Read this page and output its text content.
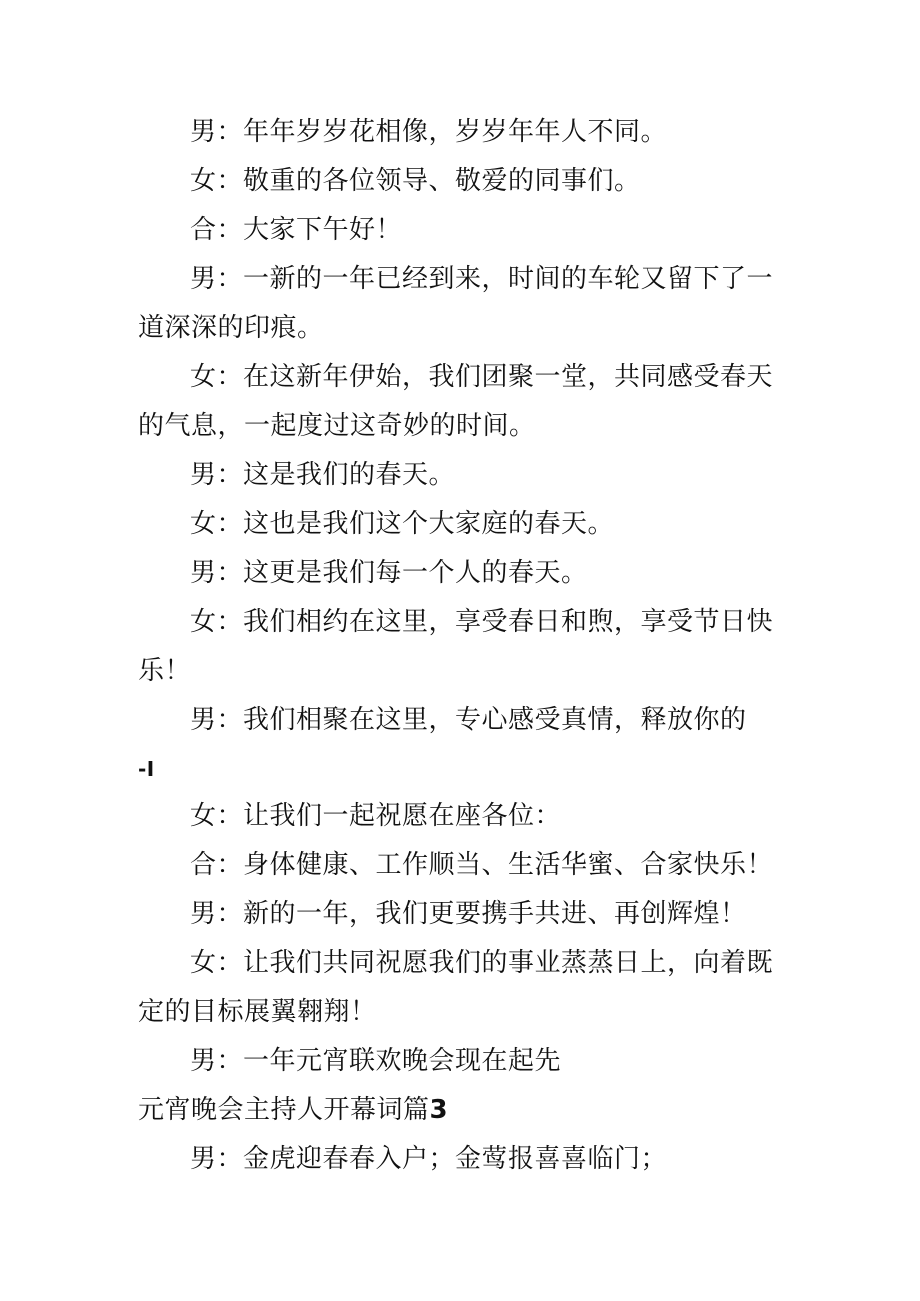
男：年年岁岁花相像，岁岁年年人不同。
女：敬重的各位领导、敬爱的同事们。
合：大家下午好！
男：一新的一年已经到来，时间的车轮又留下了一
道深深的印痕。
女：在这新年伊始，我们团聚一堂，共同感受春天
的气息，一起度过这奇妙的时间。
男：这是我们的春天。
女：这也是我们这个大家庭的春天。
男：这更是我们每一个人的春天。
女：我们相约在这里，享受春日和煦，享受节日快
乐！
男：我们相聚在这里，专心感受真情，释放你的
-I
女：让我们一起祝愿在座各位：
合：身体健康、工作顺当、生活华蜜、合家快乐！
男：新的一年，我们更要携手共进、再创辉煌！
女：让我们共同祝愿我们的事业蒸蒸日上，向着既
定的目标展翼翱翔！
男：一年元宵联欢晚会现在起先
元宵晚会主持人开幕词篇3
男：金虎迎春春入户；金莺报喜喜临门；
